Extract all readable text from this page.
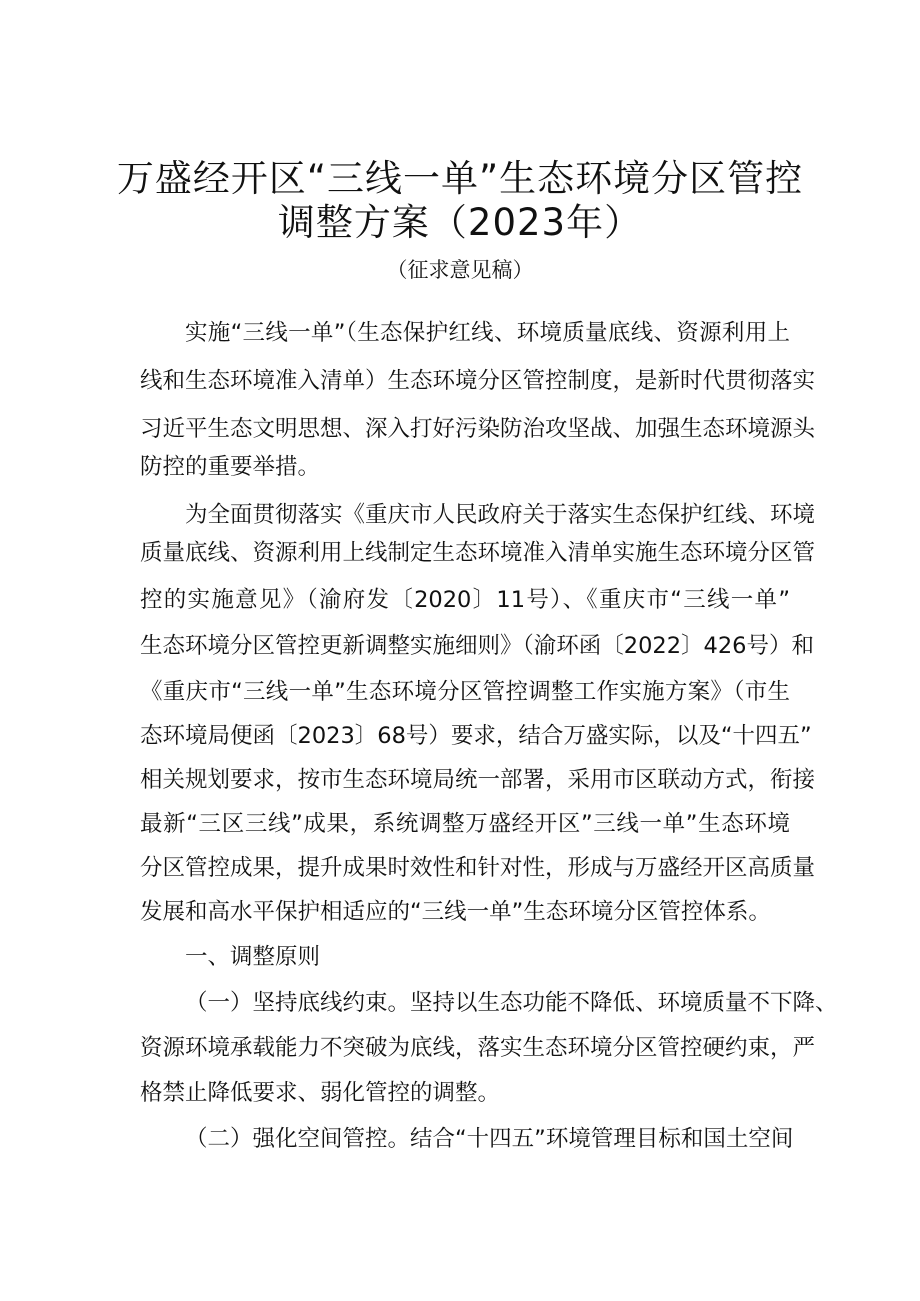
万盛经开区“三线一单”生态环境分区管控
调整方案（2023年）
（征求意见稿）
实施“三线一单”（生态保护红线、环境质量底线、资源利用上
线和生态环境准入清单）生态环境分区管控制度，是新时代贯彻落实
习近平生态文明思想、深入打好污染防治攻坚战、加强生态环境源头
防控的重要举措。
为全面贯彻落实《重庆市人民政府关于落实生态保护红线、环境
质量底线、资源利用上线制定生态环境准入清单实施生态环境分区管
控的实施意见》（渝府发〔2020〕11号）、《重庆市“三线一单”
生态环境分区管控更新调整实施细则》（渝环函〔2022〕426号）和
《重庆市“三线一单”生态环境分区管控调整工作实施方案》（市生
态环境局便函〔2023〕68号）要求，结合万盛实际，以及“十四五”
相关规划要求，按市生态环境局统一部署，采用市区联动方式，衔接
最新“三区三线”成果，系统调整万盛经开区”三线一单”生态环境
分区管控成果，提升成果时效性和针对性，形成与万盛经开区高质量
发展和高水平保护相适应的“三线一单”生态环境分区管控体系。
一、调整原则
（一）坚持底线约束。坚持以生态功能不降低、环境质量不下降、
资源环境承载能力不突破为底线，落实生态环境分区管控硬约束，严
格禁止降低要求、弱化管控的调整。
（二）强化空间管控。结合“十四五”环境管理目标和国土空间
